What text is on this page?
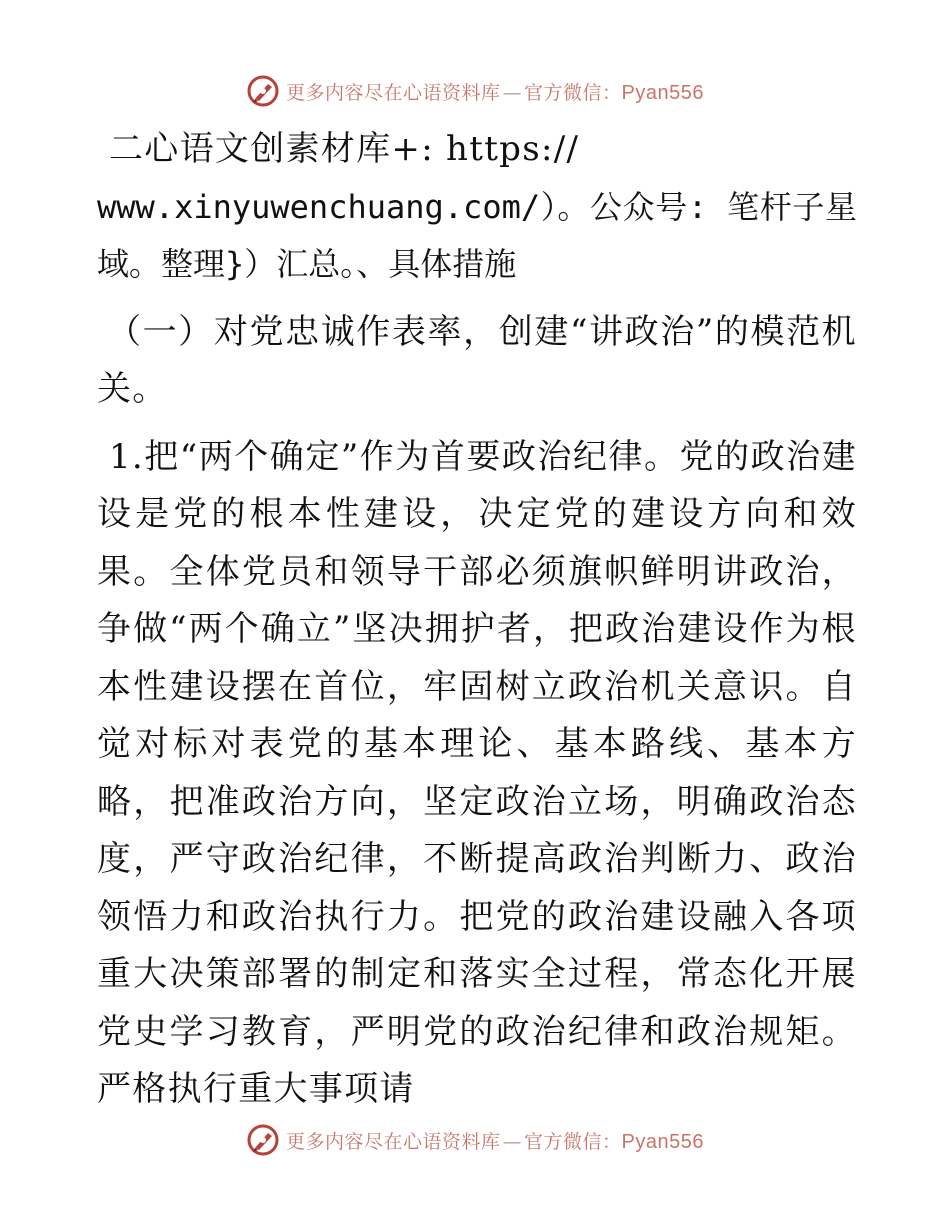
更多内容尽在心语资料库 — 官方微信：Pyan556

二心语文创素材库+: https://
www.xinyuwenchuang.com/）。公众号: 笔杆子星域。整理}）汇总。、具体措施

（一）对党忠诚作表率，创建“讲政治”的模范机关。

1.把“两个确定”作为首要政治纪律。党的政治建设是党的根本性建设，决定党的建设方向和效果。全体党员和领导干部必须旗帜鲜明讲政治，争做“两个确立”坚决拥护者，把政治建设作为根本性建设摆在首位，牢固树立政治机关意识。自觉对标对表党的基本理论、基本路线、基本方略，把准政治方向，坚定政治立场，明确政治态度，严守政治纪律，不断提高政治判断力、政治领悟力和政治执行力。把党的政治建设融入各项重大决策部署的制定和落实全过程，常态化开展党史学习教育，严明党的政治纪律和政治规矩。严格执行重大事项请

更多内容尽在心语资料库 — 官方微信：Pyan556
